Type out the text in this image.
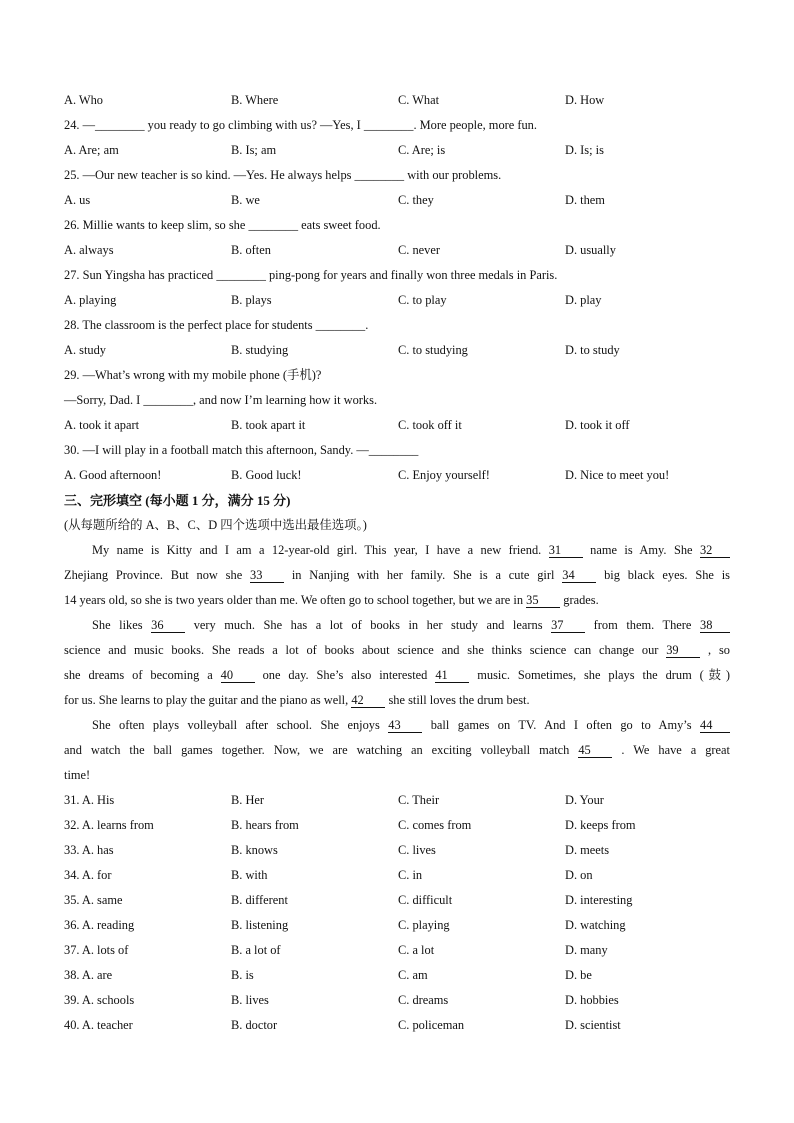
A. Who	B. Where	C. What	D. How
24. —________ you ready to go climbing with us? —Yes, I ________. More people, more fun.
A. Are; am	B. Is; am	C. Are; is	D. Is; is
25. —Our new teacher is so kind. —Yes. He always helps ________ with our problems.
A. us	B. we	C. they	D. them
26. Millie wants to keep slim, so she ________ eats sweet food.
A. always	B. often	C. never	D. usually
27. Sun Yingsha has practiced ________ ping-pong for years and finally won three medals in Paris.
A. playing	B. plays	C. to play	D. play
28. The classroom is the perfect place for students ________.
A. study	B. studying	C. to studying	D. to study
29. —What’s wrong with my mobile phone (手机)?
—Sorry, Dad. I ________, and now I’m learning how it works.
A. took it apart	B. took apart it	C. took off it	D. took it off
30. —I will play in a football match this afternoon, Sandy. —________
A. Good afternoon!	B. Good luck!	C. Enjoy yourself!	D. Nice to meet you!
三、完形填空 (每小题 1 分，满分 15 分)
(从每题所给的 A、B、C、D 四个选项中选出最佳选项。)
My name is Kitty and I am a 12-year-old girl. This year, I have a new friend. 31 name is Amy. She 32
Zhejiang Province. But now she 33 in Nanjing with her family. She is a cute girl 34 big black eyes. She is
14 years old, so she is two years older than me. We often go to school together, but we are in 35 grades.
She likes 36 very much. She has a lot of books in her study and learns 37 from them. There 38
science and music books. She reads a lot of books about science and she thinks science can change our 39 , so
she dreams of becoming a 40 one day. She’s also interested 41 music. Sometimes, she plays the drum (鼓)
for us. She learns to play the guitar and the piano as well, 42 she still loves the drum best.
She often plays volleyball after school. She enjoys 43 ball games on TV. And I often go to Amy’s 44
and watch the ball games together. Now, we are watching an exciting volleyball match 45 . We have a great
time!
31. A. His	B. Her	C. Their	D. Your
32. A. learns from	B. hears from	C. comes from	D. keeps from
33. A. has	B. knows	C. lives	D. meets
34. A. for	B. with	C. in	D. on
35. A. same	B. different	C. difficult	D. interesting
36. A. reading	B. listening	C. playing	D. watching
37. A. lots of	B. a lot of	C. a lot	D. many
38. A. are	B. is	C. am	D. be
39. A. schools	B. lives	C. dreams	D. hobbies
40. A. teacher	B. doctor	C. policeman	D. scientist
